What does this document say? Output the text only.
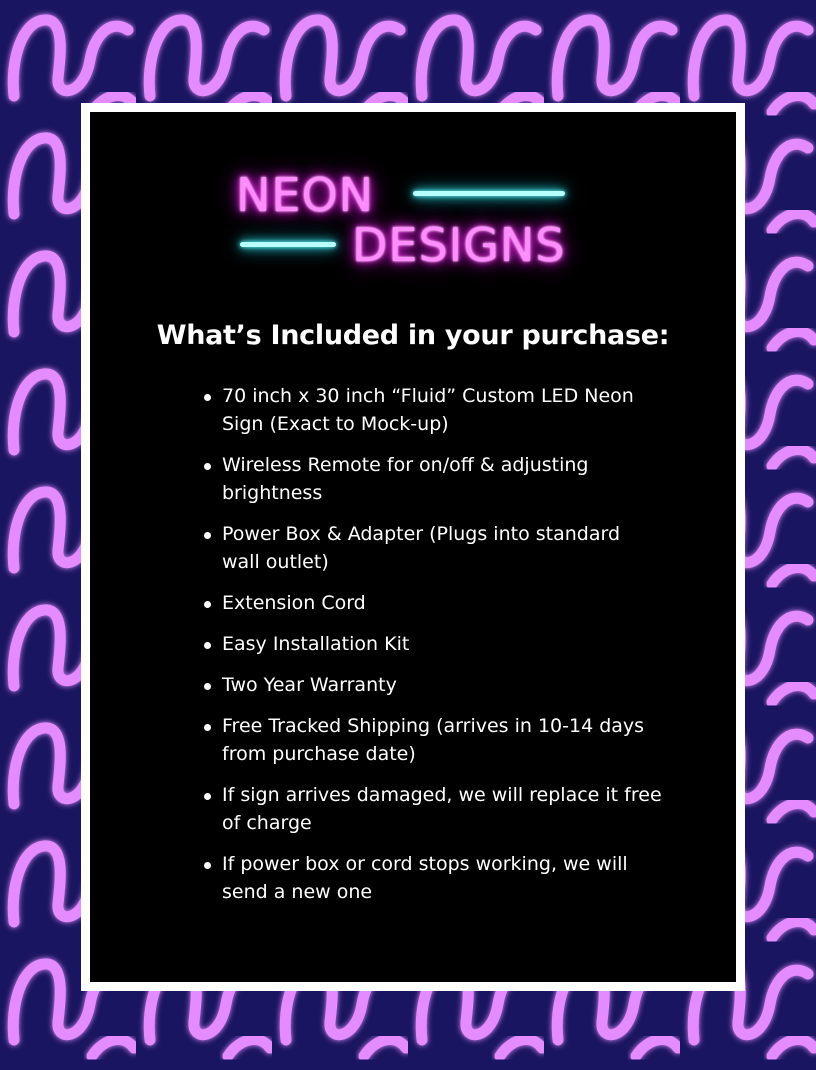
NEON
DESIGNS
What’s Included in your purchase:
70 inch x 30 inch “Fluid” Custom LED Neon Sign (Exact to Mock-up)
Wireless Remote for on/off & adjusting brightness
Power Box & Adapter (Plugs into standard wall outlet)
Extension Cord
Easy Installation Kit
Two Year Warranty
Free Tracked Shipping (arrives in 10-14 days from purchase date)
If sign arrives damaged, we will replace it free of charge
If power box or cord stops working, we will send a new one
